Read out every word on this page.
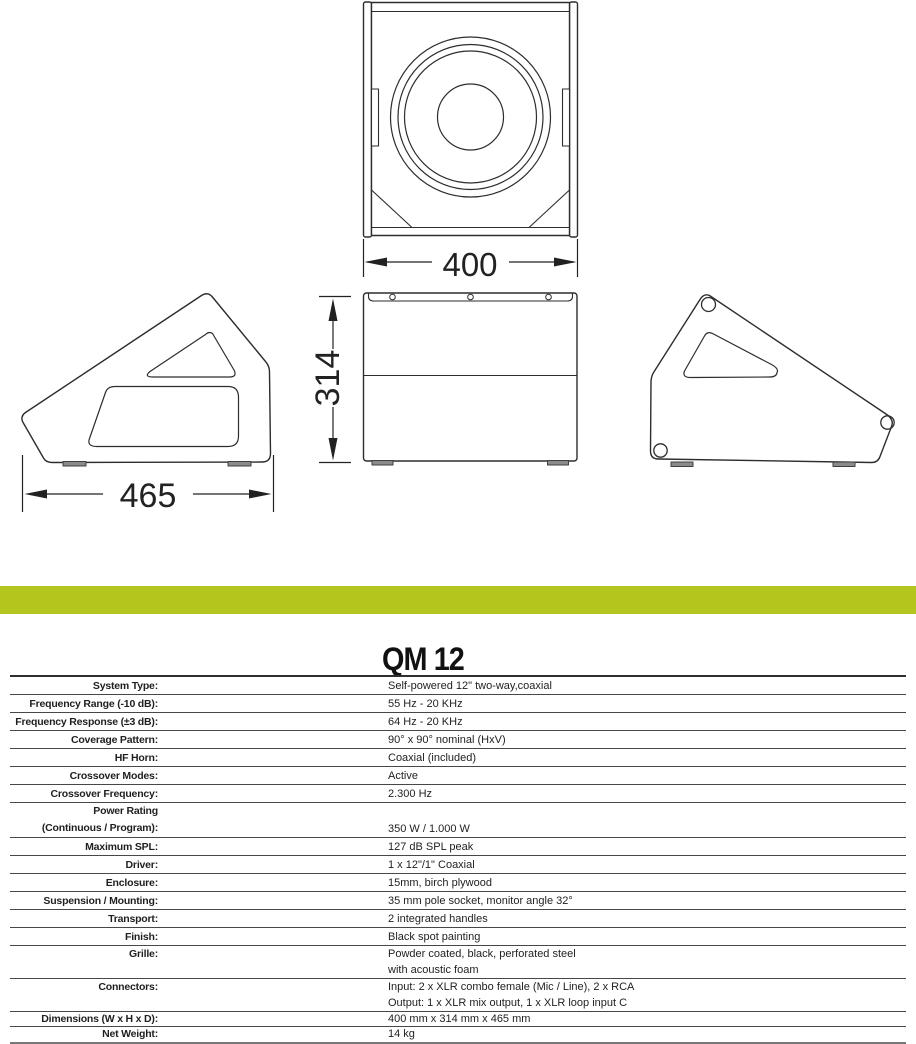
400
465
314
QM 12
System Type:	Self-powered 12" two-way,coaxial
Frequency Range (-10 dB):	55 Hz - 20 KHz
Frequency Response (±3 dB):	64 Hz - 20 KHz
Coverage Pattern:	90° x 90° nominal (HxV)
HF Horn:	Coaxial (included)
Crossover Modes:	Active
Crossover Frequency:	2.300 Hz
Power Rating
(Continuous / Program):	350 W / 1.000 W
Maximum SPL:	127 dB SPL peak
Driver:	1 x 12"/1" Coaxial
Enclosure:	15mm, birch plywood
Suspension / Mounting:	35 mm pole socket, monitor angle 32°
Transport:	2 integrated handles
Finish:	Black spot painting
Grille:	Powder coated, black, perforated steel
with acoustic foam
Connectors:	Input: 2 x XLR combo female (Mic / Line), 2 x RCA
Output: 1 x XLR mix output, 1 x XLR loop input C
Dimensions (W x H x D):	400 mm x 314 mm x 465 mm
Net Weight:	14 kg
